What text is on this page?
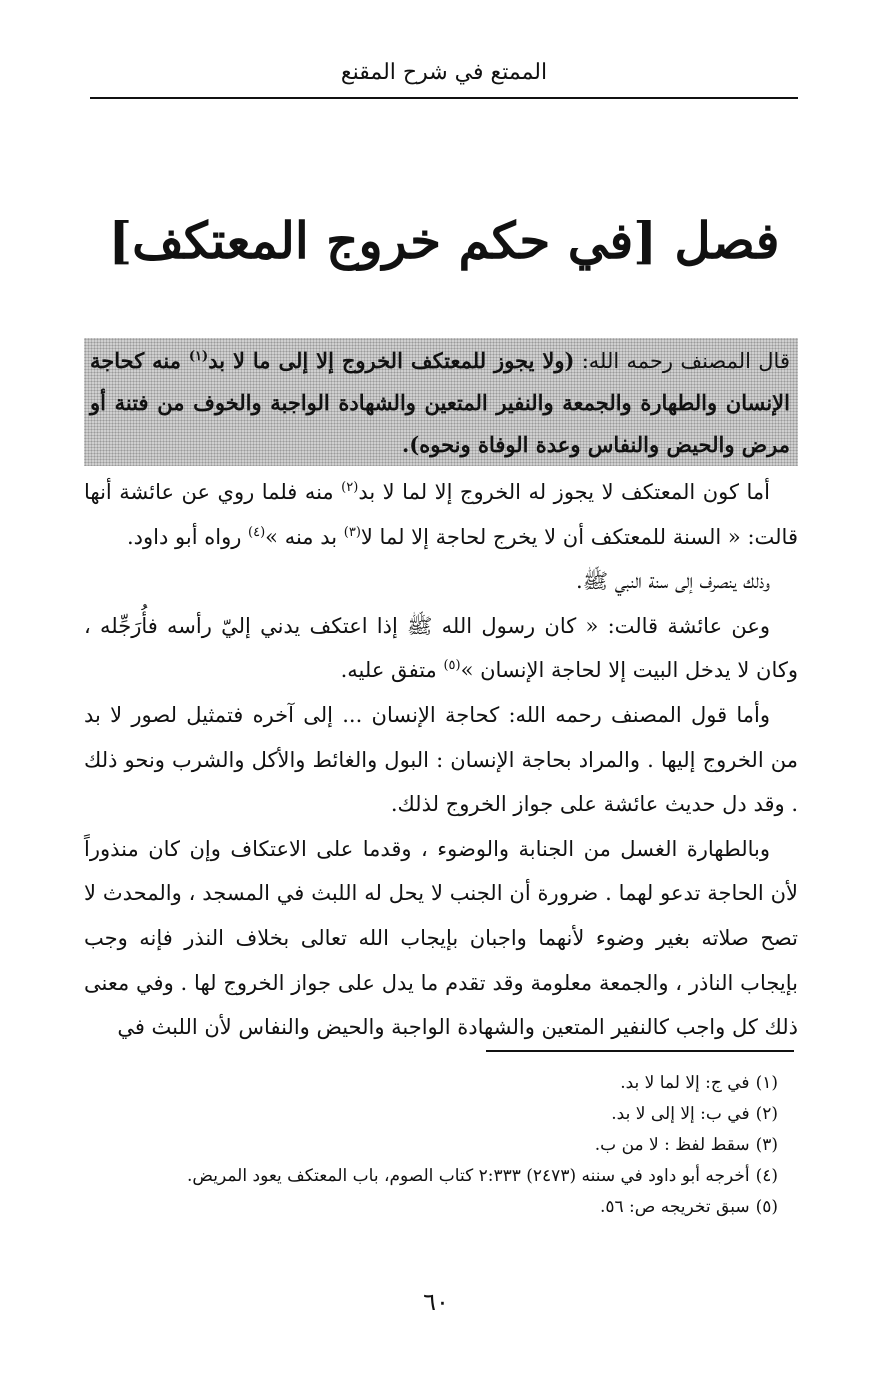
الممتع في شرح المقنع
فصل [في حكم خروج المعتكف]
قال المصنف رحمه الله: (ولا يجوز للمعتكف الخروج إلا إلى ما لا بد$^{(١)}$ منه كحاجة الإنسان والطهارة والجمعة والنفير المتعين والشهادة الواجبة والخوف من فتنة أو مرض والحيض والنفاس وعدة الوفاة ونحوه).

أما كون المعتكف لا يجوز له الخروج إلا لما لا بد$^{(٢)}$ منه فلما روي عن عائشة أنها قالت: « السنة للمعتكف أن لا يخرج لحاجة إلا لما لا$^{(٣)}$ بد منه »$^{(٤)}$ رواه أبو داود.

وذلك ينصرف إلى سنة النبي ﷺ.

وعن عائشة قالت: « كان رسول الله ﷺ إذا اعتكف يدني إليّ رأسه فأُرَجِّله ، وكان لا يدخل البيت إلا لحاجة الإنسان »$^{(٥)}$ متفق عليه.

وأما قول المصنف رحمه الله: كحاجة الإنسان ... إلى آخره فتمثيل لصور لا بد من الخروج إليها . والمراد بحاجة الإنسان : البول والغائط والأكل والشرب ونحو ذلك . وقد دل حديث عائشة على جواز الخروج لذلك.

وبالطهارة الغسل من الجنابة والوضوء ، وقدما على الاعتكاف وإن كان منذوراً لأن الحاجة تدعو لهما . ضرورة أن الجنب لا يحل له اللبث في المسجد ، والمحدث لا تصح صلاته بغير وضوء لأنهما واجبان بإيجاب الله تعالى بخلاف النذر فإنه وجب بإيجاب الناذر ، والجمعة معلومة وقد تقدم ما يدل على جواز الخروج لها . وفي معنى ذلك كل واجب كالنفير المتعين والشهادة الواجبة والحيض والنفاس لأن اللبث في

(١)في ج: إلا لما لا بد.

(٢)في ب: إلا إلى لا بد.

(٣)سقط لفظ : لا من ب.

(٤)أخرجه أبو داود في سننه (٢٤٧٣) ٢:٣٣٣ كتاب الصوم، باب المعتكف يعود المريض.

(٥)سبق تخريجه ص: ٥٦.

٦٠
